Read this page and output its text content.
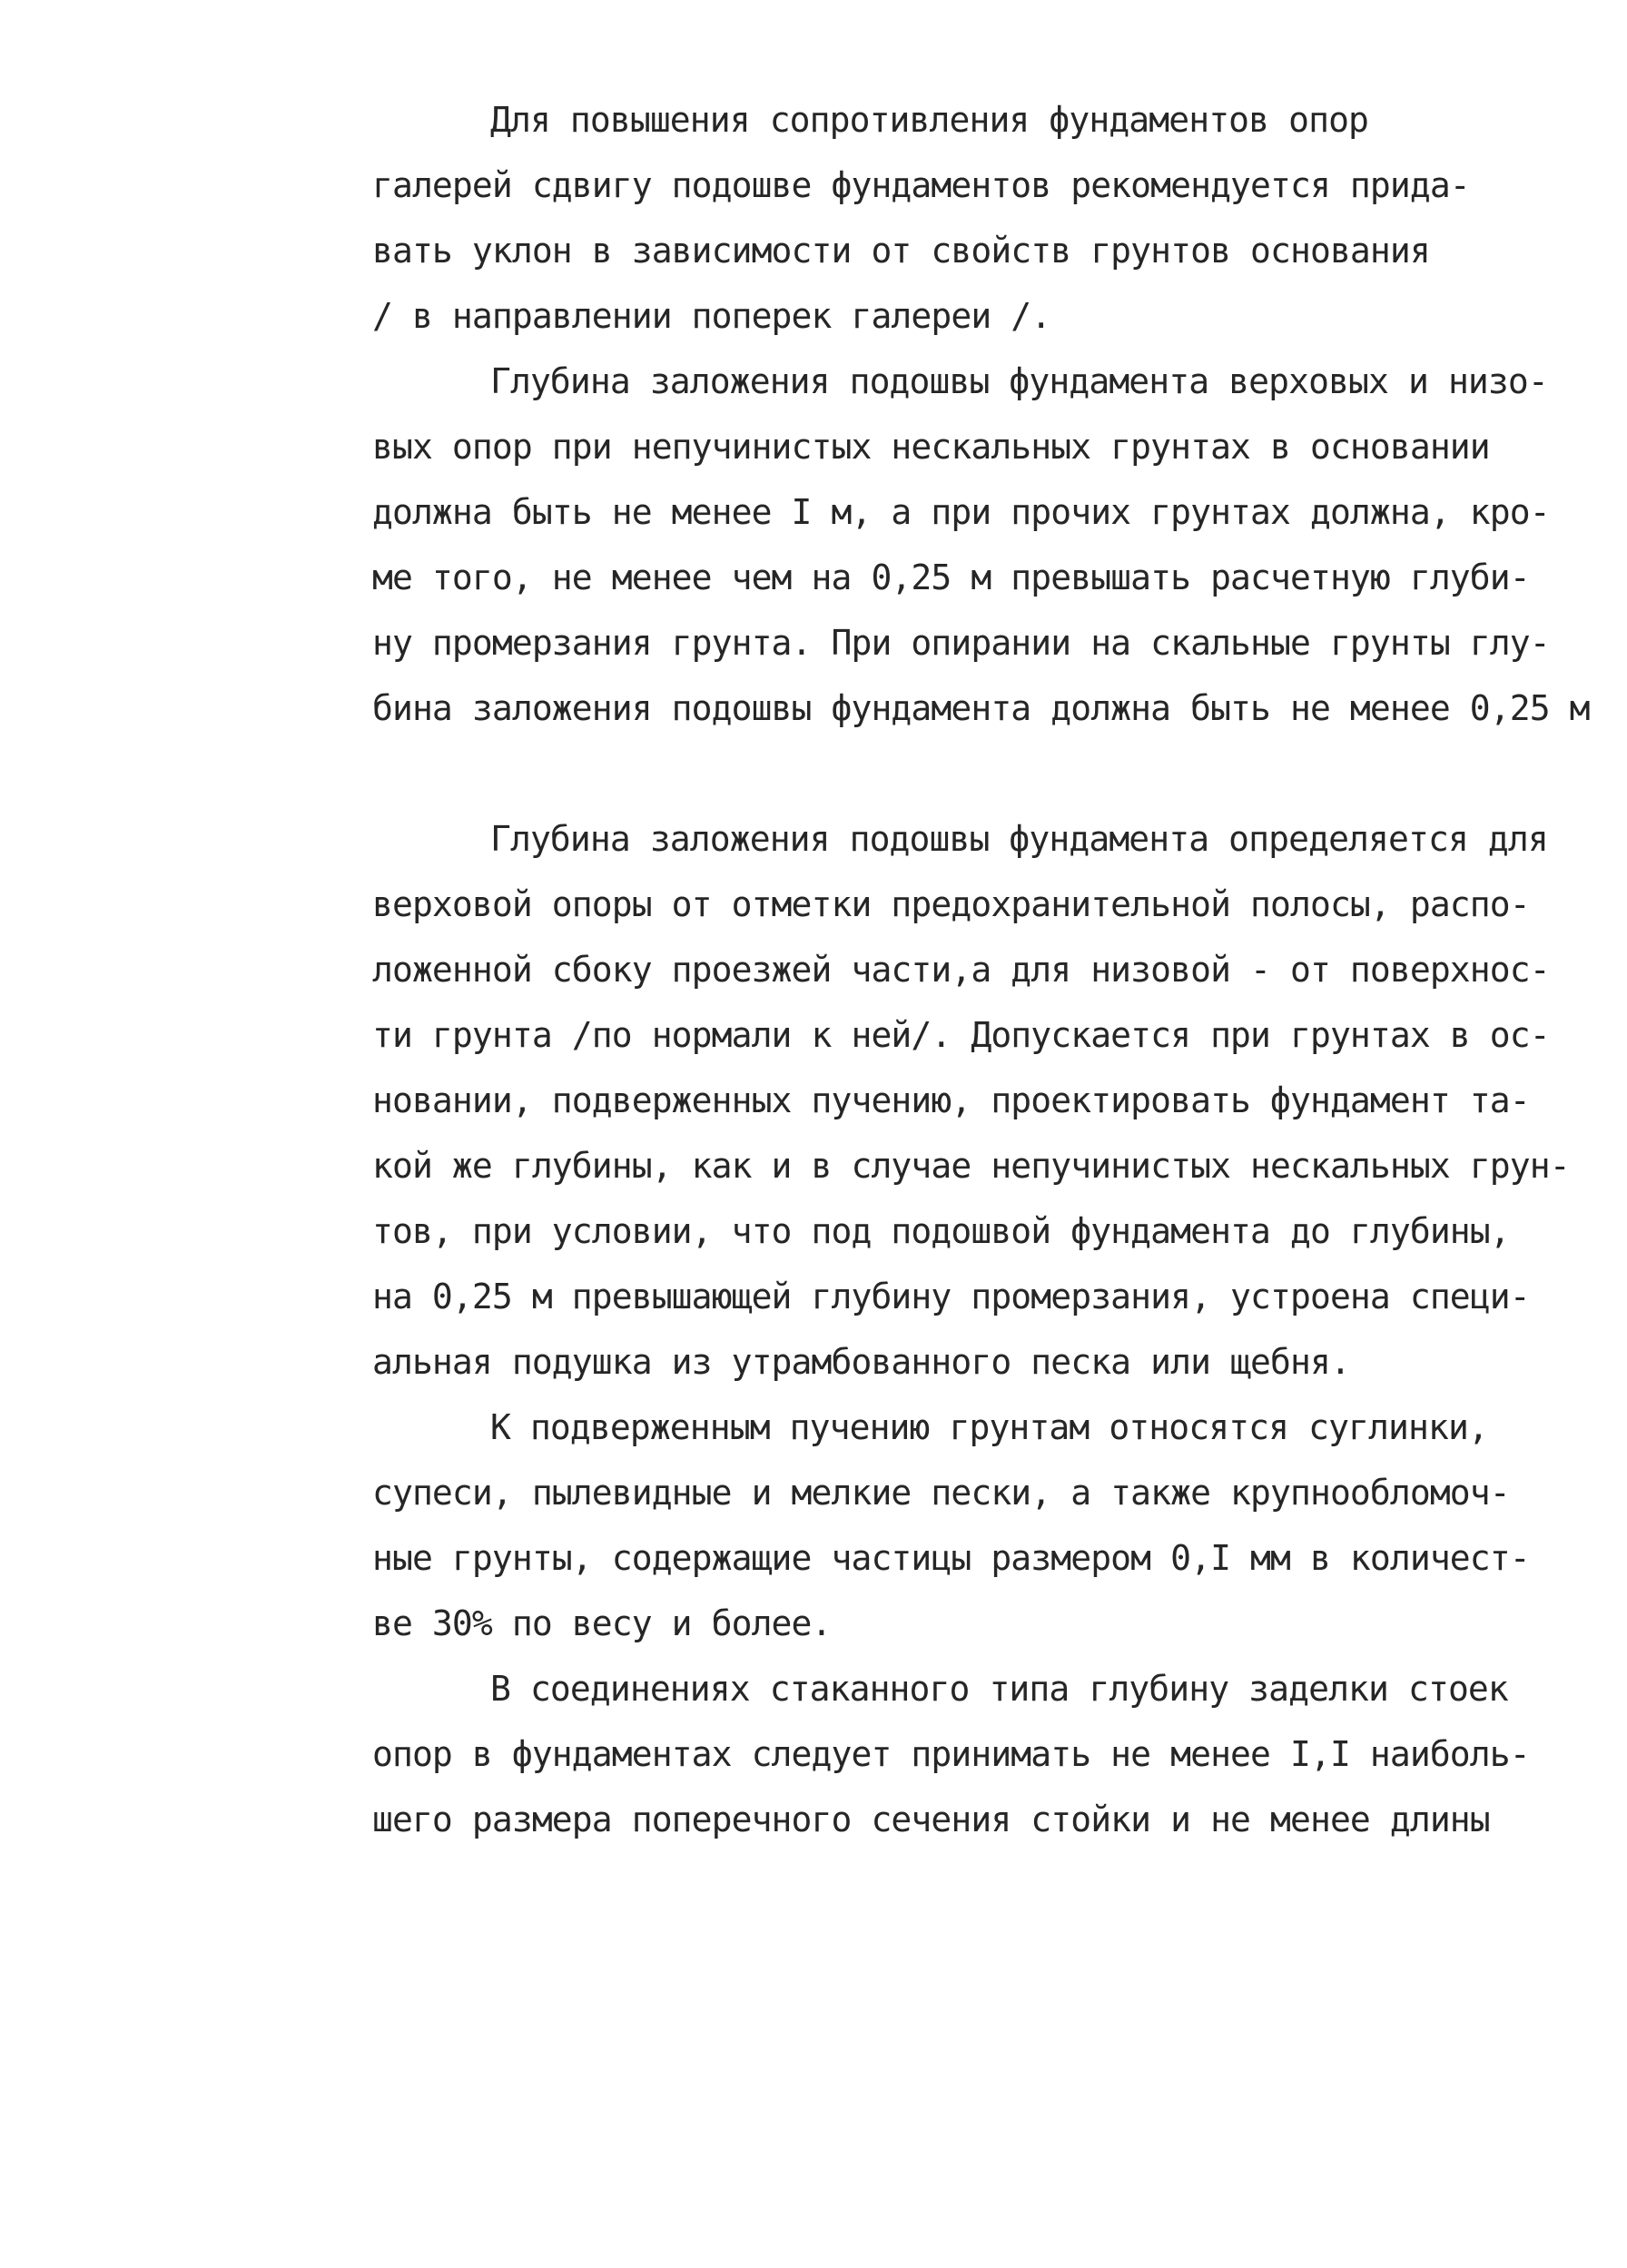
Для повышения сопротивления фундаментов опор
галерей сдвигу подошве фундаментов рекомендуется прида-
вать уклон в зависимости от свойств грунтов основания
/ в направлении поперек галереи /.
Глубина заложения подошвы фундамента верховых и низо-
вых опор при непучинистых нескальных грунтах в основании
должна быть не менее I м, а при прочих грунтах должна, кро-
ме того, не менее чем на 0,25 м превышать расчетную глуби-
ну промерзания грунта. При опирании на скальные грунты глу-
бина заложения подошвы фундамента должна быть не менее 0,25 м
Глубина заложения подошвы фундамента определяется для
верховой опоры от отметки предохранительной полосы, распо-
ложенной сбоку проезжей части,а для низовой - от поверхнос-
ти грунта /по нормали к ней/. Допускается при грунтах в ос-
новании, подверженных пучению, проектировать фундамент та-
кой же глубины, как и в случае непучинистых нескальных грун-
тов, при условии, что под подошвой фундамента до глубины,
на 0,25 м превышающей глубину промерзания, устроена специ-
альная подушка из утрамбованного песка или щебня.
К подверженным пучению грунтам относятся суглинки,
супеси, пылевидные и мелкие пески, а также крупнообломоч-
ные грунты, содержащие частицы размером 0,I мм в количест-
ве 30% по весу и более.
В соединениях стаканного типа глубину заделки стоек
опор в фундаментах следует принимать не менее I,I наиболь-
шего размера поперечного сечения стойки и не менее длины
